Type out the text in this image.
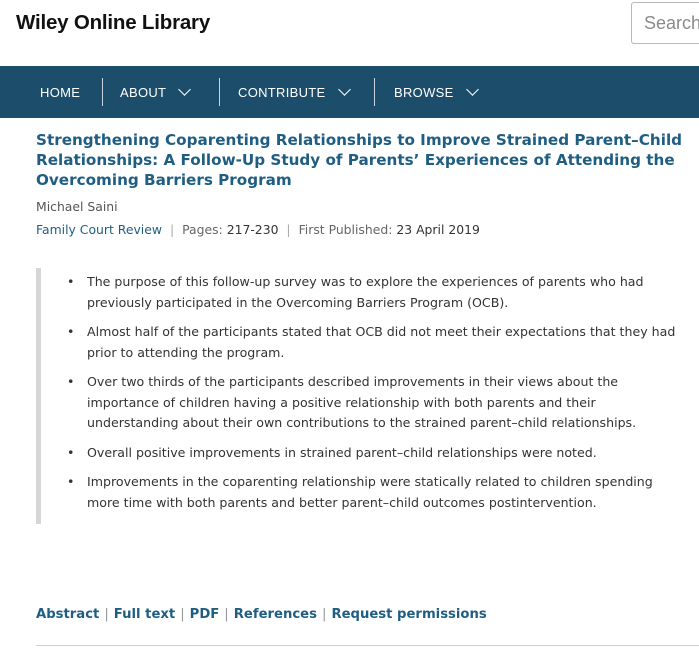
Wiley Online Library
Search
HOME	ABOUT	CONTRIBUTE	BROWSE
Strengthening Coparenting Relationships to Improve Strained Parent–Child Relationships: A Follow-Up Study of Parents’ Experiences of Attending the Overcoming Barriers Program
Michael Saini
Family Court Review | Pages: 217-230 | First Published: 23 April 2019
• The purpose of this follow-up survey was to explore the experiences of parents who had previously participated in the Overcoming Barriers Program (OCB).
• Almost half of the participants stated that OCB did not meet their expectations that they had prior to attending the program.
• Over two thirds of the participants described improvements in their views about the importance of children having a positive relationship with both parents and their understanding about their own contributions to the strained parent–child relationships.
• Overall positive improvements in strained parent–child relationships were noted.
• Improvements in the coparenting relationship were statically related to children spending more time with both parents and better parent–child outcomes postintervention.
Abstract | Full text | PDF | References | Request permissions
